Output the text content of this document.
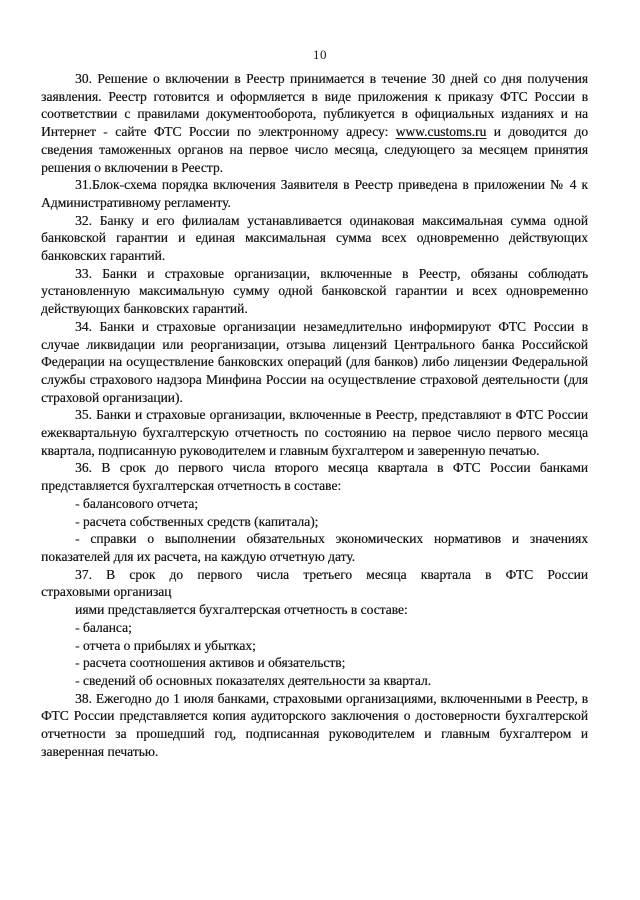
10

30. Решение о включении в Реестр принимается в течение 30 дней со дня получения заявления. Реестр готовится и оформляется в виде приложения к приказу ФТС России в соответствии с правилами документооборота, публикуется в официальных изданиях и на Интернет - сайте ФТС России по электронному адресу: www.customs.ru и доводится до сведения таможенных органов на первое число месяца, следующего за месяцем принятия решения о включении в Реестр.

31.Блок-схема порядка включения Заявителя в Реестр приведена в приложении № 4 к Административному регламенту.

32. Банку и его филиалам устанавливается одинаковая максимальная сумма одной банковской гарантии и единая максимальная сумма всех одновременно действующих банковских гарантий.

33. Банки и страховые организации, включенные в Реестр, обязаны соблюдать установленную максимальную сумму одной банковской гарантии и всех одновременно действующих банковских гарантий.

34. Банки и страховые организации незамедлительно информируют ФТС России в случае ликвидации или реорганизации, отзыва лицензий Центрального банка Российской Федерации на осуществление банковских операций (для банков) либо лицензии Федеральной службы страхового надзора Минфина России на осуществление страховой деятельности (для страховой организации).

35. Банки и страховые организации, включенные в Реестр, представляют в ФТС России ежеквартальную бухгалтерскую отчетность по состоянию на первое число первого месяца квартала, подписанную руководителем и главным бухгалтером и заверенную печатью.

36. В срок до первого числа второго месяца квартала в ФТС России банками представляется бухгалтерская отчетность в составе:

- балансового отчета;

- расчета собственных средств (капитала);

- справки о выполнении обязательных экономических нормативов и значениях показателей для их расчета, на каждую отчетную дату.

37. В срок до первого числа третьего месяца квартала в ФТС России

страховыми организац

иями представляется бухгалтерская отчетность в составе:

- баланса;

- отчета о прибылях и убытках;

- расчета соотношения активов и обязательств;

- сведений об основных показателях деятельности за квартал.

38. Ежегодно до 1 июля банками, страховыми организациями, включенными в Реестр, в ФТС России представляется копия аудиторского заключения о достоверности бухгалтерской отчетности за прошедший год, подписанная руководителем и главным бухгалтером и заверенная печатью.
